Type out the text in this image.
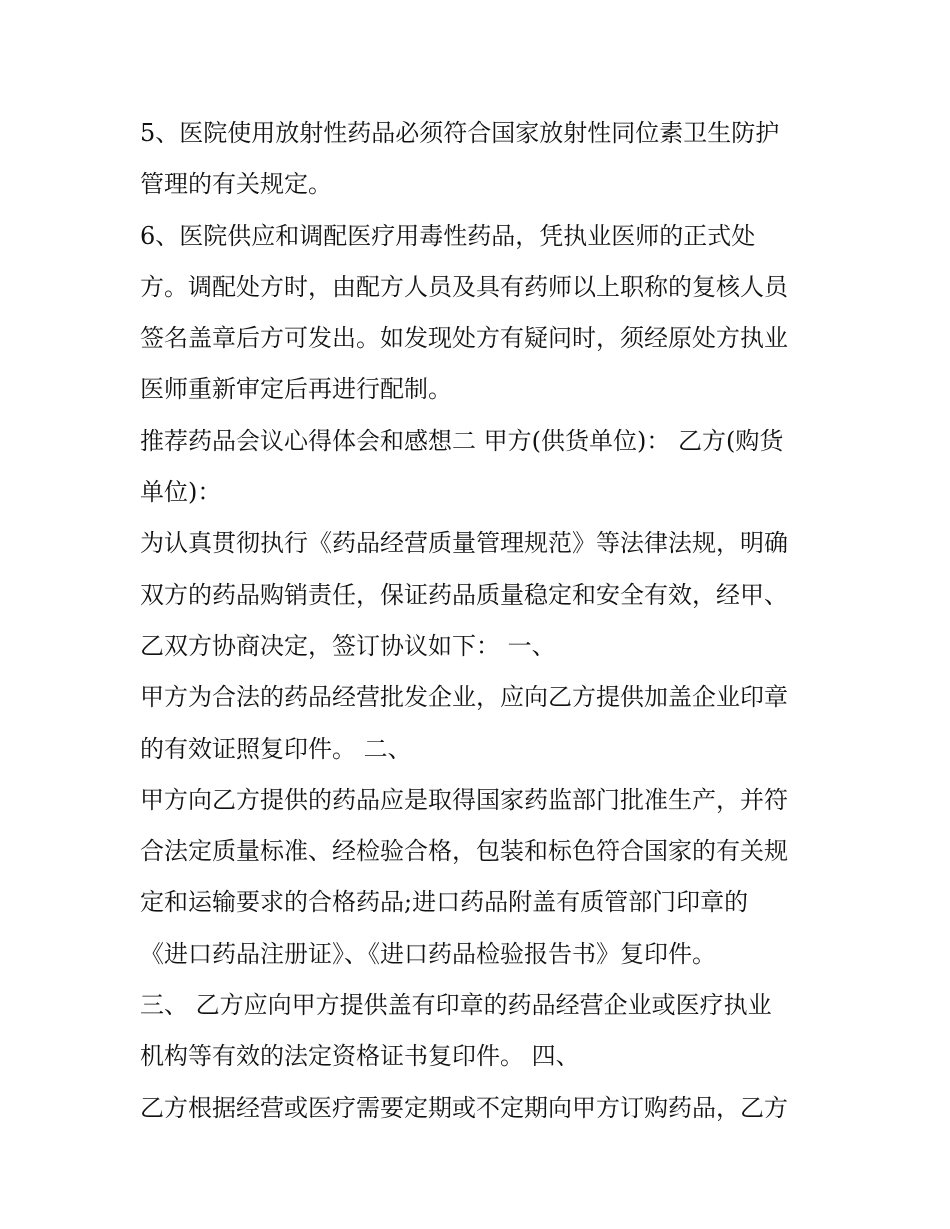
5、医院使用放射性药品必须符合国家放射性同位素卫生防护
管理的有关规定。
6、医院供应和调配医疗用毒性药品，凭执业医师的正式处
方。调配处方时，由配方人员及具有药师以上职称的复核人员
签名盖章后方可发出。如发现处方有疑问时，须经原处方执业
医师重新审定后再进行配制。
推荐药品会议心得体会和感想二 甲方(供货单位)： 乙方(购货
单位)：
为认真贯彻执行《药品经营质量管理规范》等法律法规，明确
双方的药品购销责任，保证药品质量稳定和安全有效，经甲、
乙双方协商决定，签订协议如下： 一、
甲方为合法的药品经营批发企业，应向乙方提供加盖企业印章
的有效证照复印件。 二、
甲方向乙方提供的药品应是取得国家药监部门批准生产，并符
合法定质量标准、经检验合格，包装和标色符合国家的有关规
定和运输要求的合格药品;进口药品附盖有质管部门印章的
《进口药品注册证》、《进口药品检验报告书》复印件。
三、 乙方应向甲方提供盖有印章的药品经营企业或医疗执业
机构等有效的法定资格证书复印件。 四、
乙方根据经营或医疗需要定期或不定期向甲方订购药品，乙方
